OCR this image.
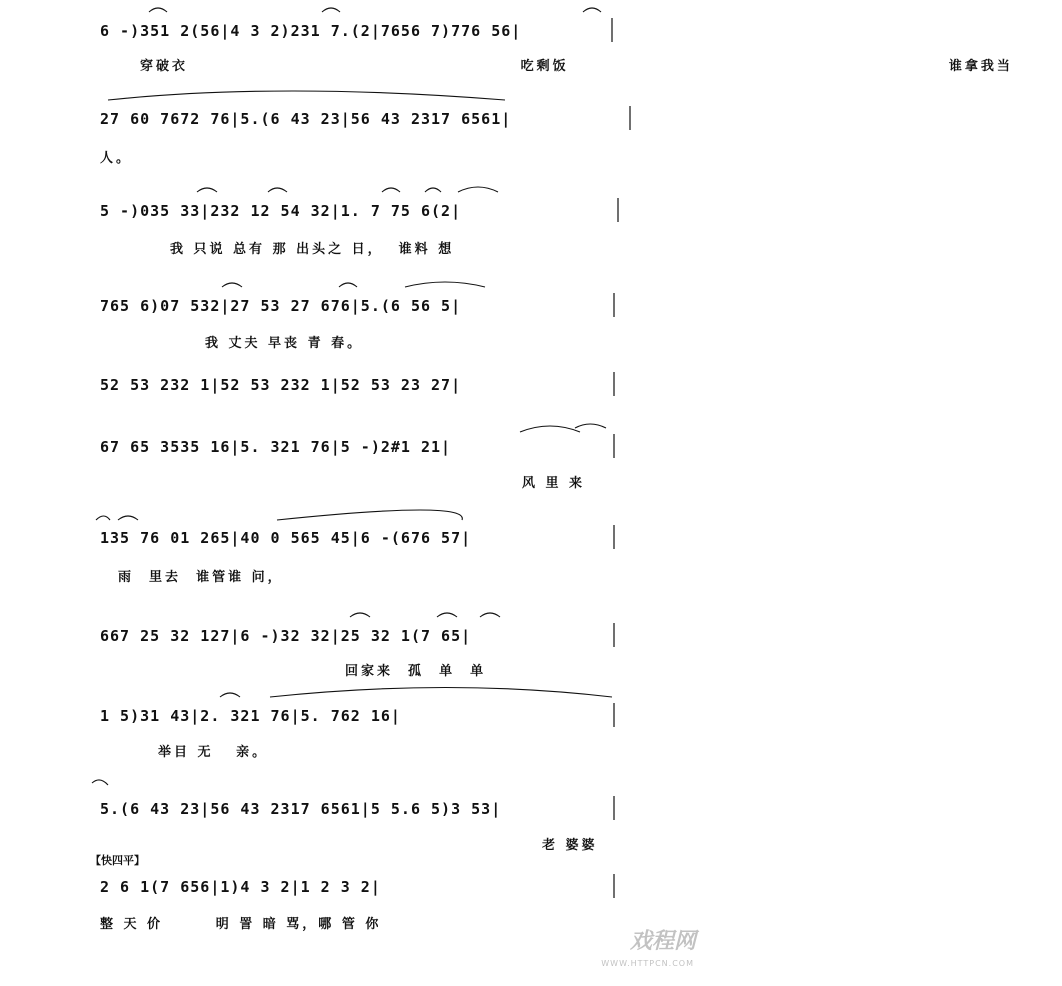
6 -)351 2(56|4 3 2)231 7.(2|7656 7)776 56|
穿破衣       吃剩饭        谁拿我当
27 60 7672 76|5.(6 43 23|56 43 2317 6561|
人。
5 -)035 33|232 12 54 32|1. 7 75 6(2|
我 只说 总有 那 出头之 日，  谁料 想
765 6)07 532|27 53 27 676|5.(6 56 5|
我 丈夫 早丧 青 春。
52 53 232 1|52 53 232 1|52 53 23 27|
67 65 3535 16|5. 321 76|5 -)2#1 21|
风 里 来
135 76 01 265|40 0 565 45|6 -(676 57|
雨  里去  谁管谁 问，
667 25 32 127|6 -)32 32|25 32 1(7 65|
回家来  孤  单  单
1 5)31 43|2. 321 76|5. 762 16|
举目 无   亲。
5.(6 43 23|56 43 2317 6561|5 5.6 5)3 53|
老 婆婆
【快四平】
2 6 1(7 656|1)4 3 2|1 2 3 2|
整 天 价       明 詈 暗 骂，哪 管 你
戏程网
WWW.HTTPCN.COM
